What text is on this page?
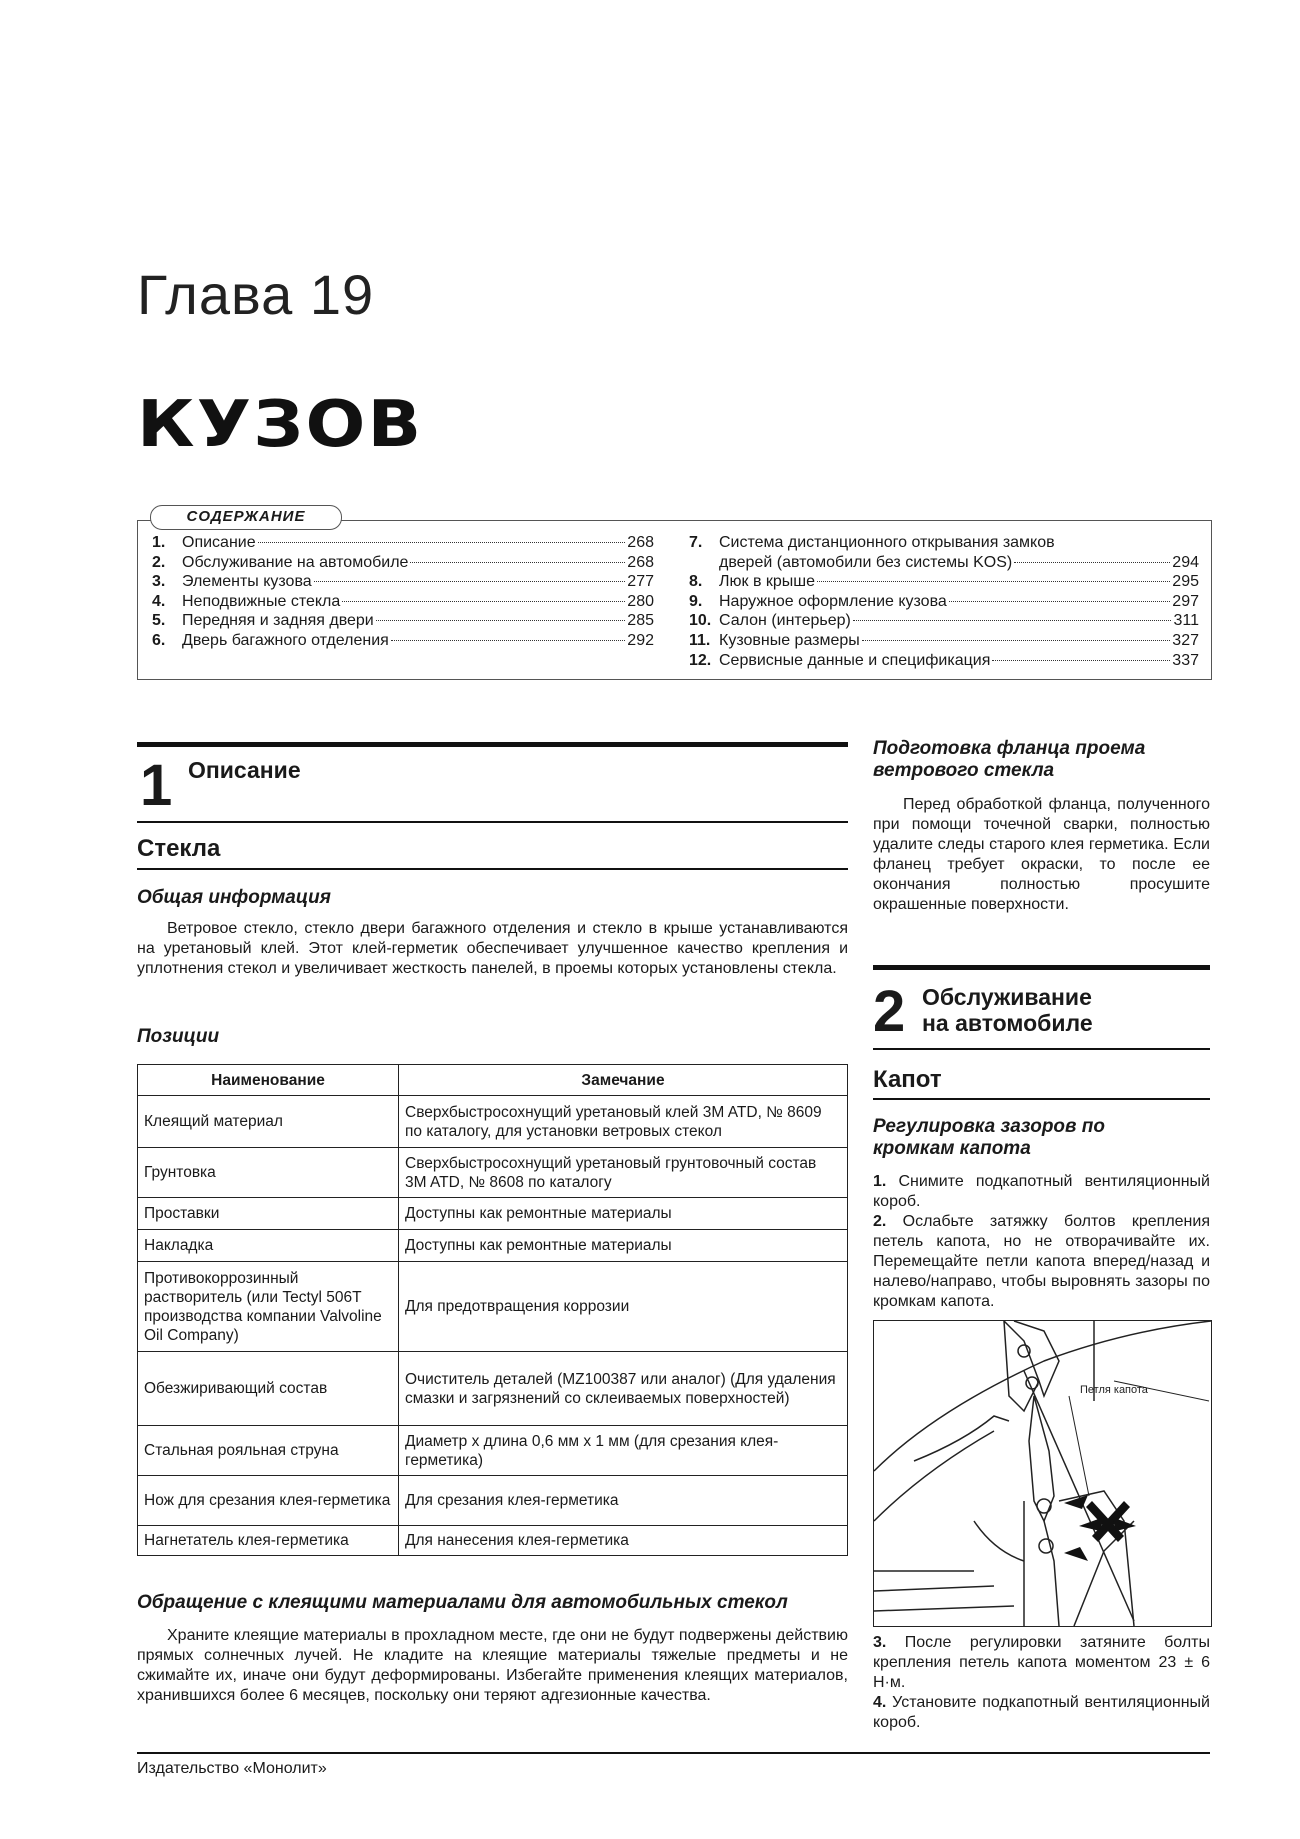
Глава 19
КУЗОВ
1.	Описание	268
2.	Обслуживание на автомобиле	268
3.	Элементы кузова	277
4.	Неподвижные стекла	280
5.	Передняя и задняя двери	285
6.	Дверь багажного отделения	292
7.	Система дистанционного открывания замков
дверей (автомобили без системы KOS)	294
8.	Люк в крыше	295
9.	Наружное оформление кузова	297
10. Салон (интерьер)	311
11. Кузовные размеры	327
12. Сервисные данные и спецификация	337
СОДЕРЖАНИЕ
1 Описание
Стекла
Общая информация
Ветровое стекло, стекло двери багажного отделения и стекло в крыше устанавливаются на уретановый клей. Этот клей-герметик обеспечивает улучшенное качество крепления и уплотнения стекол и увеличивает жесткость панелей, в проемы которых установлены стекла.
Позиции
Наименование	Замечание
Клеящий материал	Сверхбыстросохнущий уретановый клей 3M ATD, № 8609 по каталогу, для установки ветровых стекол
Грунтовка	Сверхбыстросохнущий уретановый грунтовочный состав 3M ATD, № 8608 по каталогу
Проставки	Доступны как ремонтные материалы
Накладка	Доступны как ремонтные материалы
Противокоррозинный растворитель (или Tectyl 506T производства компании Valvoline Oil Company)	Для предотвращения коррозии
Обезжиривающий состав	Очиститель деталей (MZ100387 или аналог) (Для удаления смазки и загрязнений со склеиваемых поверхностей)
Стальная рояльная струна	Диаметр x длина 0,6 мм x 1 мм (для срезания клея-герметика)
Нож для срезания клея-герметика	Для срезания клея-герметика
Нагнетатель клея-герметика	Для нанесения клея-герметика
Обращение с клеящими материалами для автомобильных стекол
Храните клеящие материалы в прохладном месте, где они не будут подвержены действию прямых солнечных лучей. Не кладите на клеящие материалы тяжелые предметы и не сжимайте их, иначе они будут деформированы. Избегайте применения клеящих материалов, хранившихся более 6 месяцев, поскольку они теряют адгезионные качества.
Подготовка фланца проема ветрового стекла
Перед обработкой фланца, полученного при помощи точечной сварки, полностью удалите следы старого клея герметика. Если фланец требует окраски, то после ее окончания полностью просушите окрашенные поверхности.
2 Обслуживание
на автомобиле
Капот
Регулировка зазоров по кромкам капота
1. Снимите подкапотный вентиляционный короб.
2. Ослабьте затяжку болтов крепления петель капота, но не отворачивайте их. Перемещайте петли капота вперед/назад и налево/направо, чтобы выровнять зазоры по кромкам капота.
Петля капота
3. После регулировки затяните болты крепления петель капота моментом 23 ± 6 Н·м.
4. Установите подкапотный вентиляционный короб.
Издательство «Монолит»
